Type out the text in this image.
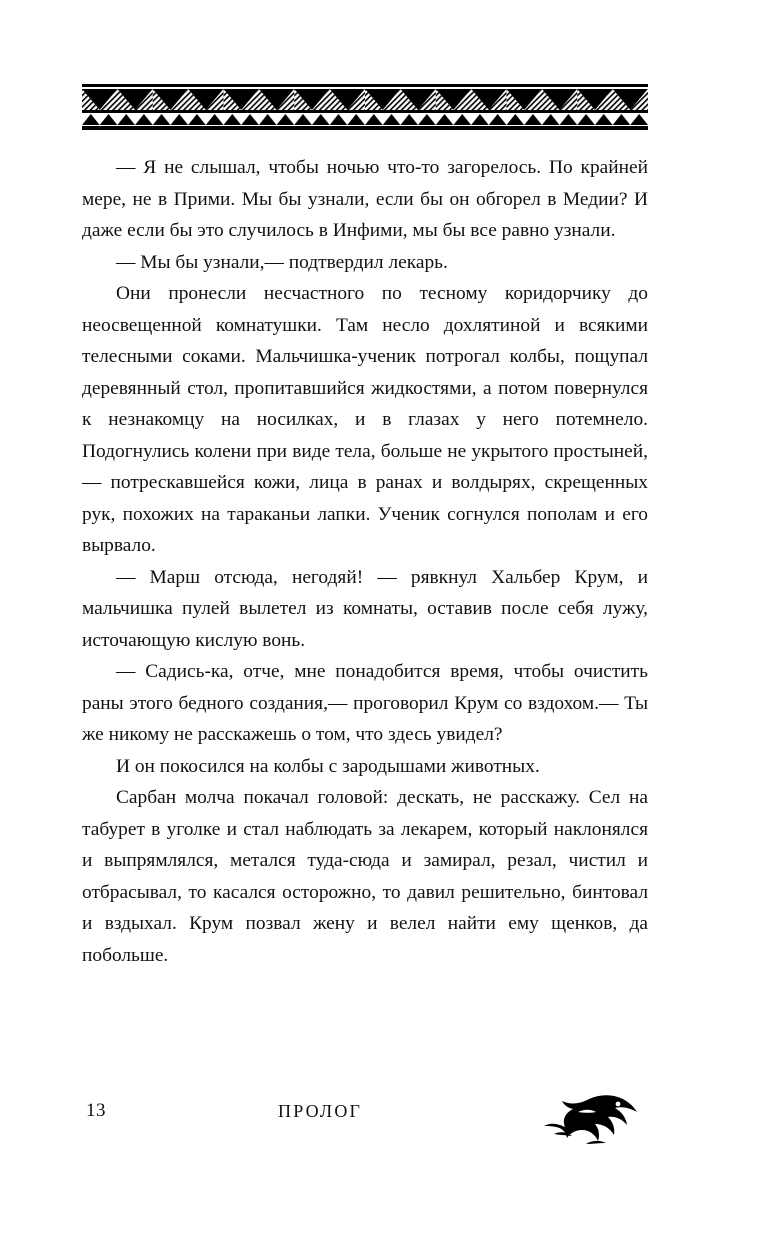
— Я не слышал, чтобы ночью что-то загорелось. По крайней мере, не в Прими. Мы бы узнали, если бы он обгорел в Медии? И даже если бы это случилось в Инфими, мы бы все равно узнали.

— Мы бы узнали,— подтвердил лекарь.

Они пронесли несчастного по тесному коридорчику до неосвещенной комнатушки. Там несло дохлятиной и всякими телесными соками. Мальчишка-ученик потрогал колбы, пощупал деревянный стол, пропитавшийся жидкостями, а потом повернулся к незнакомцу на носилках, и в глазах у него потемнело. Подогнулись колени при виде тела, больше не укрытого простыней,— потрескавшейся кожи, лица в ранах и волдырях, скрещенных рук, похожих на тараканьи лапки. Ученик согнулся пополам и его вырвало.

— Марш отсюда, негодяй! — рявкнул Хальбер Крум, и мальчишка пулей вылетел из комнаты, оставив после себя лужу, источающую кислую вонь.

— Садись-ка, отче, мне понадобится время, чтобы очистить раны этого бедного создания,— проговорил Крум со вздохом.— Ты же никому не расскажешь о том, что здесь увидел?

И он покосился на колбы с зародышами животных.

Сарбан молча покачал головой: дескать, не расскажу. Сел на табурет в уголке и стал наблюдать за лекарем, который наклонялся и выпрямлялся, метался туда-сюда и замирал, резал, чистил и отбрасывал, то касался осторожно, то давил решительно, бинтовал и вздыхал. Крум позвал жену и велел найти ему щенков, да побольше.

13	ПРОЛОГ
